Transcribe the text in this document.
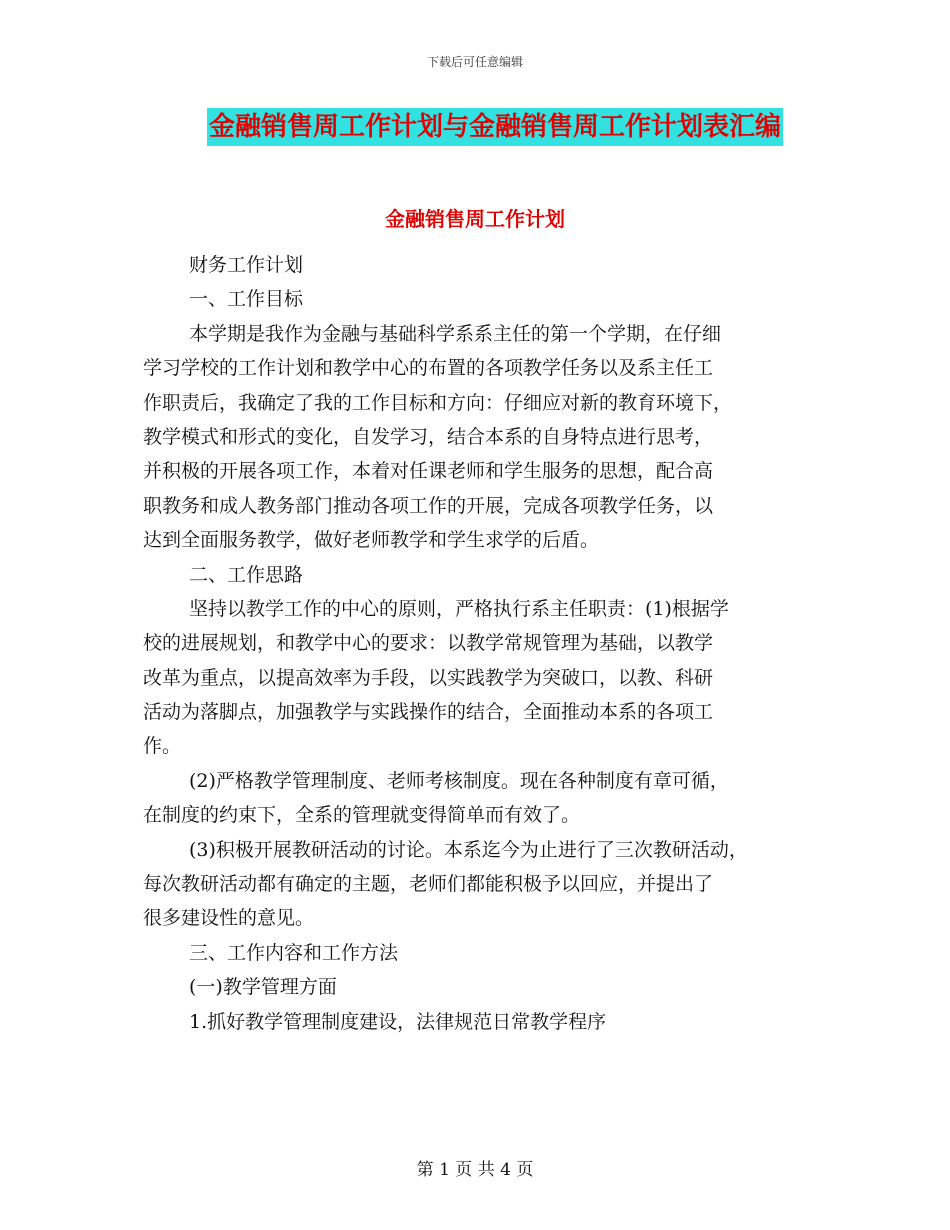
下载后可任意编辑
金融销售周工作计划与金融销售周工作计划表汇编
金融销售周工作计划
财务工作计划
一、工作目标
本学期是我作为金融与基础科学系系主任的第一个学期，在仔细
学习学校的工作计划和教学中心的布置的各项教学任务以及系主任工
作职责后，我确定了我的工作目标和方向：仔细应对新的教育环境下，
教学模式和形式的变化，自发学习，结合本系的自身特点进行思考，
并积极的开展各项工作，本着对任课老师和学生服务的思想，配合高
职教务和成人教务部门推动各项工作的开展，完成各项教学任务，以
达到全面服务教学，做好老师教学和学生求学的后盾。
二、工作思路
坚持以教学工作的中心的原则，严格执行系主任职责：(1)根据学
校的进展规划，和教学中心的要求：以教学常规管理为基础，以教学
改革为重点，以提高效率为手段，以实践教学为突破口，以教、科研
活动为落脚点，加强教学与实践操作的结合，全面推动本系的各项工
作。
(2)严格教学管理制度、老师考核制度。现在各种制度有章可循，
在制度的约束下，全系的管理就变得简单而有效了。
(3)积极开展教研活动的讨论。本系迄今为止进行了三次教研活动，
每次教研活动都有确定的主题，老师们都能积极予以回应，并提出了
很多建设性的意见。
三、工作内容和工作方法
(一)教学管理方面
1.抓好教学管理制度建设，法律规范日常教学程序
第 1 页 共 4 页
